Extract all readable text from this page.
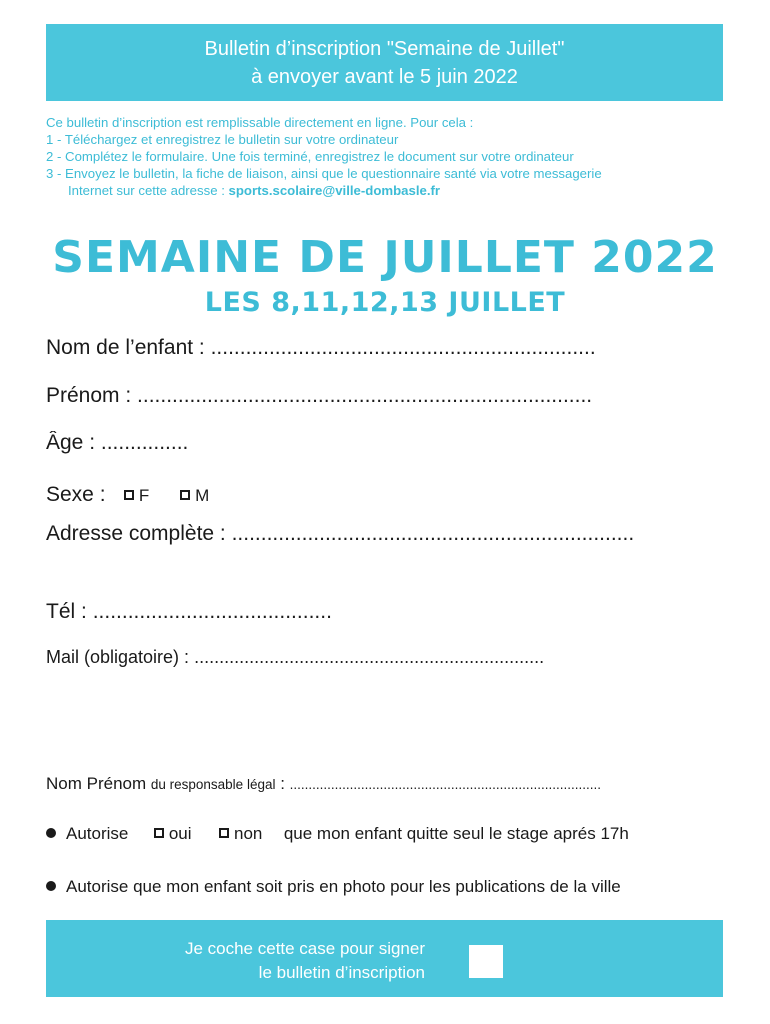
Bulletin d’inscription "Semaine de Juillet"
à envoyer avant le 5 juin 2022
Ce bulletin d’inscription est remplissable directement en ligne. Pour cela :
1 - Téléchargez et enregistrez le bulletin sur votre ordinateur
2 - Complétez le formulaire. Une fois terminé, enregistrez le document sur votre ordinateur
3 - Envoyez le bulletin, la fiche de liaison, ainsi que le questionnaire santé via votre messagerie
Internet sur cette adresse : sports.scolaire@ville-dombasle.fr
SEMAINE DE JUILLET 2022
LES 8,11,12,13 JUILLET
Nom de l’enfant : ..................................................................
Prénom : ..............................................................................
Âge : ...............
Sexe :  F	M
Adresse complète : .....................................................................
Tél : .........................................
Mail (obligatoire) : ......................................................................
Nom Prénom du responsable légal : ...................................................................................
Autorise oui non que mon enfant quitte seul le stage aprés 17h
Autorise que mon enfant soit pris en photo pour les publications de la ville
Je coche cette case pour signer
le bulletin d’inscription
